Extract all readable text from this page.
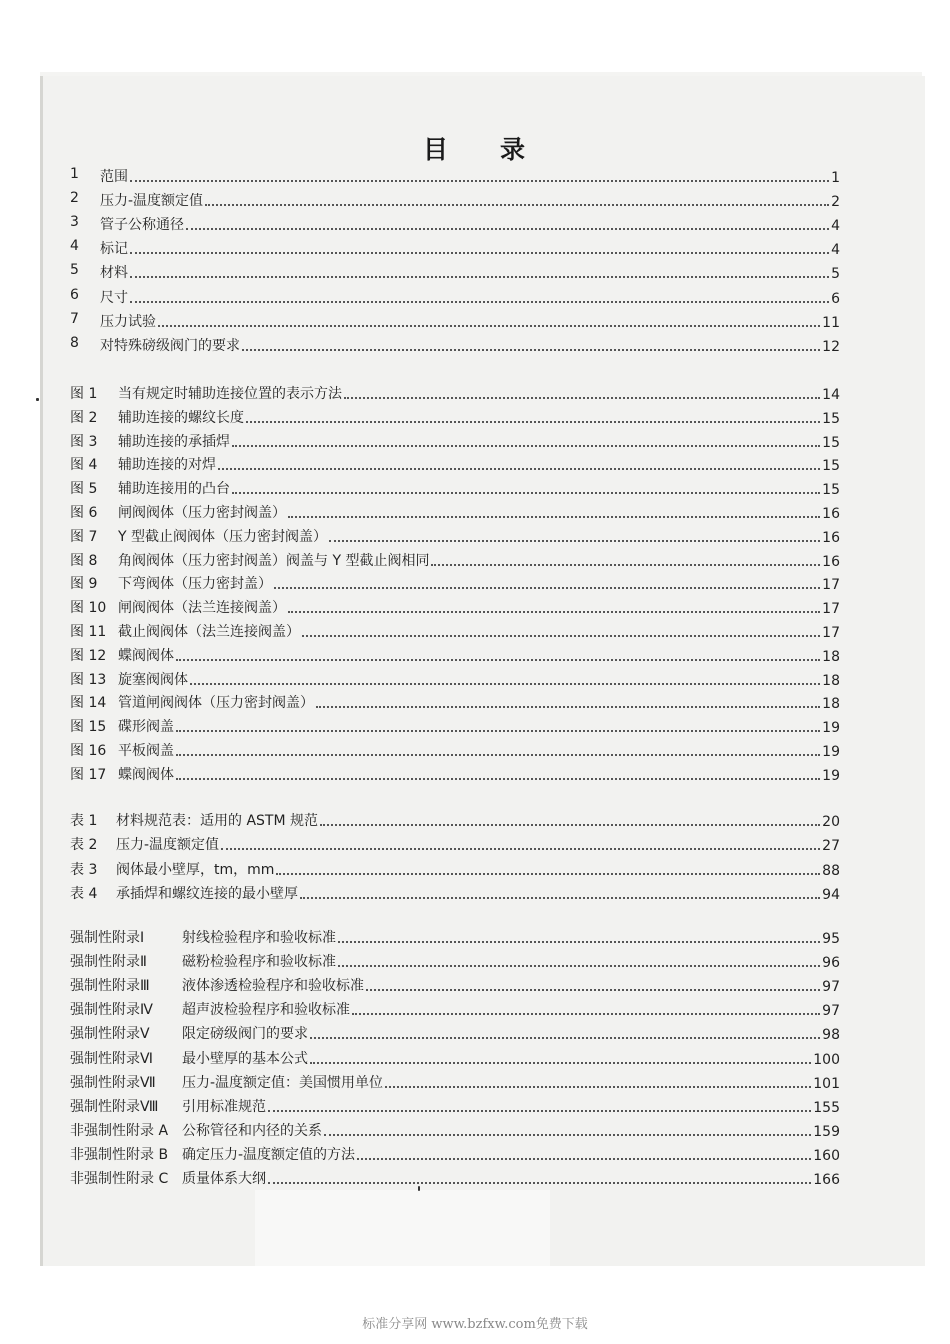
目 录
1	范围	1
2	压力-温度额定值	2
3	管子公称通径	4
4	标记	4
5	材料	5
6	尺寸	6
7	压力试验	11
8	对特殊磅级阀门的要求	12
图 1	当有规定时辅助连接位置的表示方法	14
图 2	辅助连接的螺纹长度	15
图 3	辅助连接的承插焊	15
图 4	辅助连接的对焊	15
图 5	辅助连接用的凸台	15
图 6	闸阀阀体（压力密封阀盖）	16
图 7	Y 型截止阀阀体（压力密封阀盖）	16
图 8	角阀阀体（压力密封阀盖）阀盖与 Y 型截止阀相同	16
图 9	下弯阀体（压力密封盖）	17
图 10 闸阀阀体（法兰连接阀盖）	17
图 11 截止阀阀体（法兰连接阀盖）	17
图 12 蝶阀阀体	18
图 13 旋塞阀阀体	18
图 14 管道闸阀阀体（压力密封阀盖）	18
图 15 碟形阀盖	19
图 16 平板阀盖	19
图 17 蝶阀阀体	19
表 1	材料规范表：适用的 ASTM 规范	20
表 2	压力-温度额定值	27
表 3	阀体最小壁厚，tm，mm	88
表 4	承插焊和螺纹连接的最小壁厚	94
强制性附录Ⅰ	射线检验程序和验收标准	95
强制性附录Ⅱ	磁粉检验程序和验收标准	96
强制性附录Ⅲ	液体渗透检验程序和验收标准	97
强制性附录Ⅳ	超声波检验程序和验收标准	97
强制性附录Ⅴ	限定磅级阀门的要求	98
强制性附录Ⅵ	最小壁厚的基本公式	100
强制性附录Ⅶ	压力-温度额定值：美国惯用单位	101
强制性附录Ⅷ	引用标准规范	155
非强制性附录 A 公称管径和内径的关系	159
非强制性附录 B 确定压力-温度额定值的方法	160
非强制性附录 C 质量体系大纲	166
标准分享网 www.bzfxw.com免费下载
